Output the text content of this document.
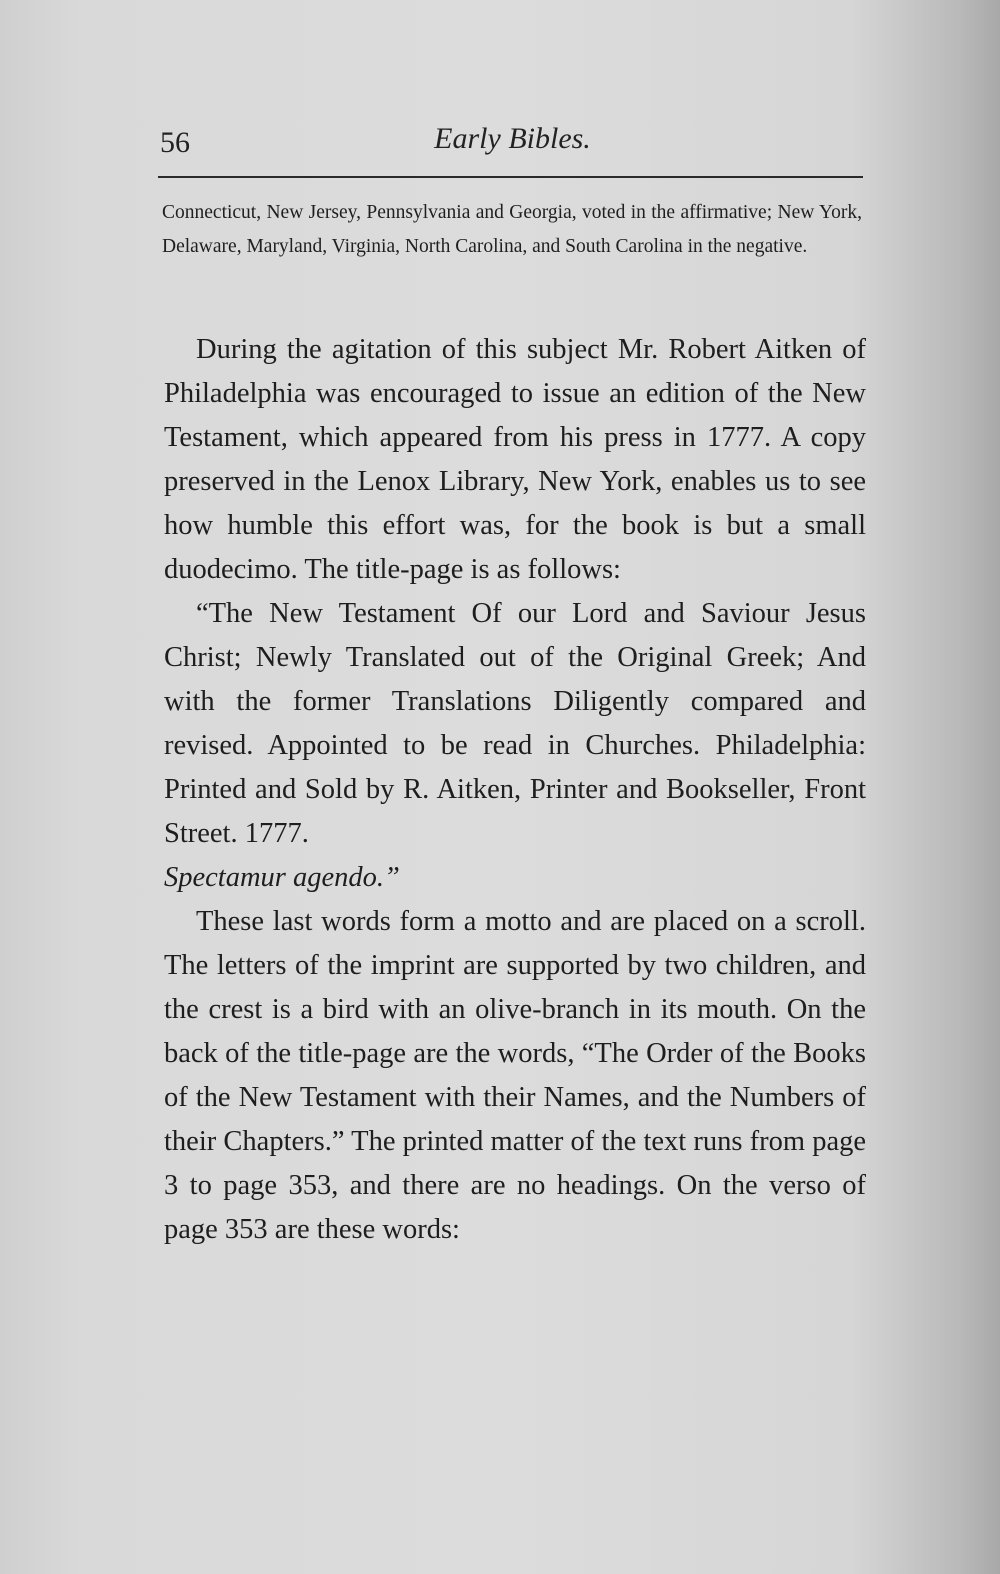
56	Early Bibles.
Connecticut, New Jersey, Pennsylvania and Georgia, voted in the affirmative; New York, Delaware, Maryland, Virginia, North Carolina, and South Carolina in the negative.

During the agitation of this subject Mr. Robert Aitken of Philadelphia was encouraged to issue an edition of the New Testament, which appeared from his press in 1777. A copy preserved in the Lenox Library, New York, enables us to see how humble this effort was, for the book is but a small duodecimo. The title-page is as follows:

“The New Testament Of our Lord and Saviour Jesus Christ; Newly Translated out of the Original Greek; And with the former Translations Diligently compared and revised. Appointed to be read in Churches. Philadelphia: Printed and Sold by R. Aitken, Printer and Bookseller, Front Street. 1777.
Spectamur agendo.”

These last words form a motto and are placed on a scroll. The letters of the imprint are supported by two children, and the crest is a bird with an olive-branch in its mouth. On the back of the title-page are the words, “The Order of the Books of the New Testament with their Names, and the Numbers of their Chapters.” The printed matter of the text runs from page 3 to page 353, and there are no headings. On the verso of page 353 are these words:
